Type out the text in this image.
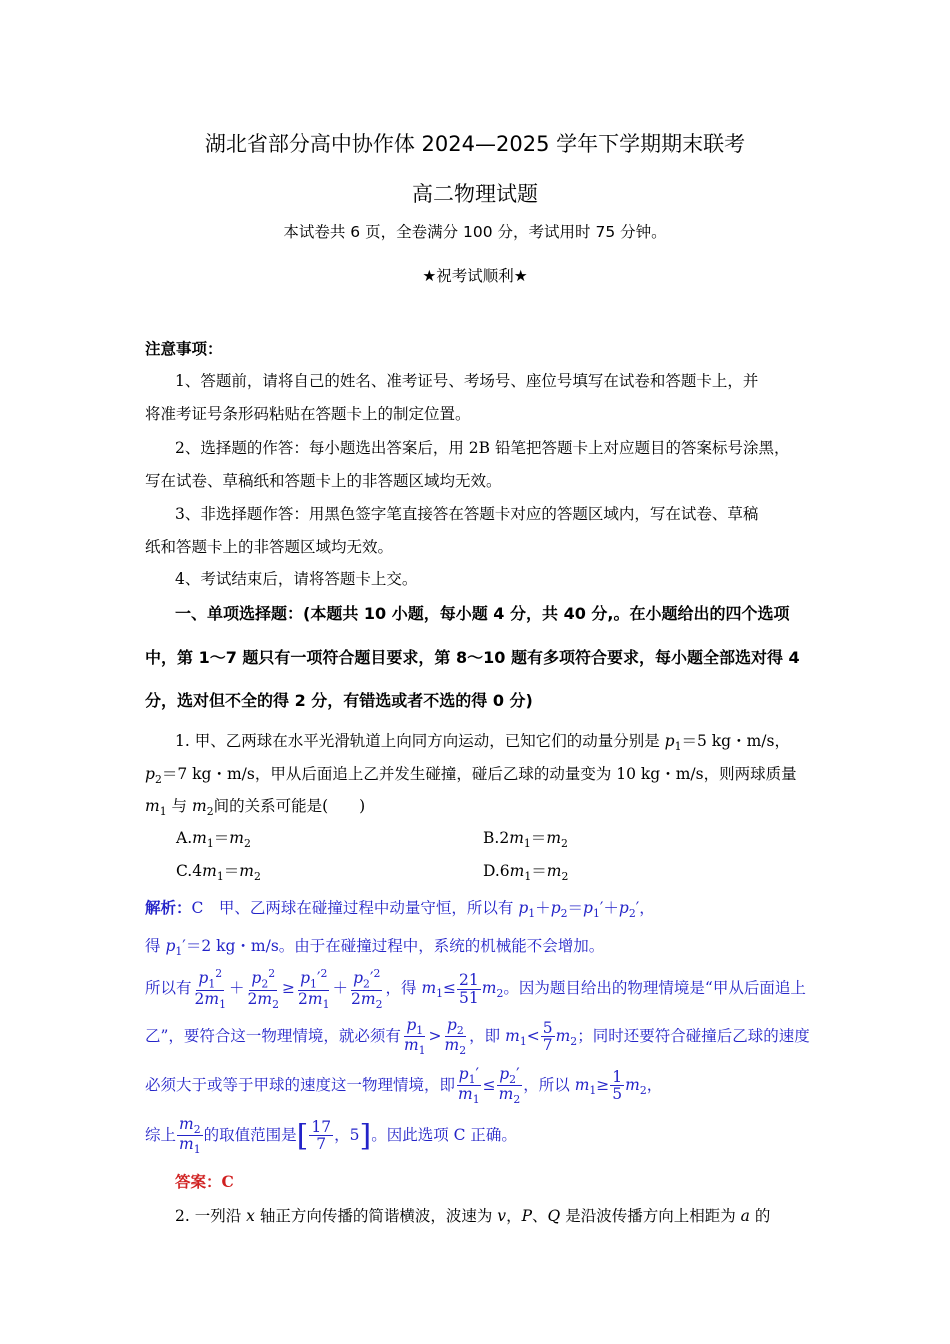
湖北省部分高中协作体 2024—2025 学年下学期期末联考
高二物理试题
本试卷共 6 页，全卷满分 100 分，考试用时 75 分钟。
★祝考试顺利★
注意事项：
1、答题前，请将自己的姓名、准考证号、考场号、座位号填写在试卷和答题卡上，并
将准考证号条形码粘贴在答题卡上的制定位置。
2、选择题的作答：每小题选出答案后，用 2B 铅笔把答题卡上对应题目的答案标号涂黑，
写在试卷、草稿纸和答题卡上的非答题区域均无效。
3、非选择题作答：用黑色签字笔直接答在答题卡对应的答题区域内，写在试卷、草稿
纸和答题卡上的非答题区域均无效。
4、考试结束后，请将答题卡上交。
一、单项选择题：(本题共 10 小题，每小题 4 分，共 40 分,。在小题给出的四个选项
中，第 1～7 题只有一项符合题目要求，第 8～10 题有多项符合要求，每小题全部选对得 4
分，选对但不全的得 2 分，有错选或者不选的得 0 分)
1. 甲、乙两球在水平光滑轨道上向同方向运动，已知它们的动量分别是 $p_1=5$ kg・m/s，
$p_2=7$ kg・m/s，甲从后面追上乙并发生碰撞，碰后乙球的动量变为 10 kg・m/s，则两球质量
$m_1$ 与 $m_2$间的关系可能是(　　)
$A.m_1=m_2$	$B.2m_1=m_2$
$C.4m_1=m_2$	$D.6m_1=m_2$
解析：C　甲、乙两球在碰撞过程中动量守恒，所以有 $p_1+p_2=p_1'+p_2'$，
得 $p_1'=2$ kg・m/s。由于在碰撞过程中，系统的机械能不会增加。
所以有 $\frac{p_1^2}{2m_1} + \frac{p_2^2}{2m_2} \ge \frac{p_1'^2}{2m_1} + \frac{p_2'^2}{2m_2}$ ，得 $m_1\le \frac{21}{51} m_2$。因为题目给出的物理情境是“甲从后面追上
乙”，要符合这一物理情境，就必须有 $\frac{p_1}{m_1} > \frac{p_2}{m_2}$ ，即 $m_1< \frac{5}{7} m_2$；同时还要符合碰撞后乙球的速度
必须大于或等于甲球的速度这一物理情境，即 $\frac{p_1'}{m_1} \le \frac{p_2'}{m_2}$ ，所以 $m_1\ge \frac{1}{5} m_2$，
综上 $\frac{m_2}{m_1}$ 的取值范围是[ $\frac{17}{7}$ ，5]。因此选项 C 正确。
答案：C
2. 一列沿 x 轴正方向传播的简谐横波，波速为 v，P、Q 是沿波传播方向上相距为 a 的
